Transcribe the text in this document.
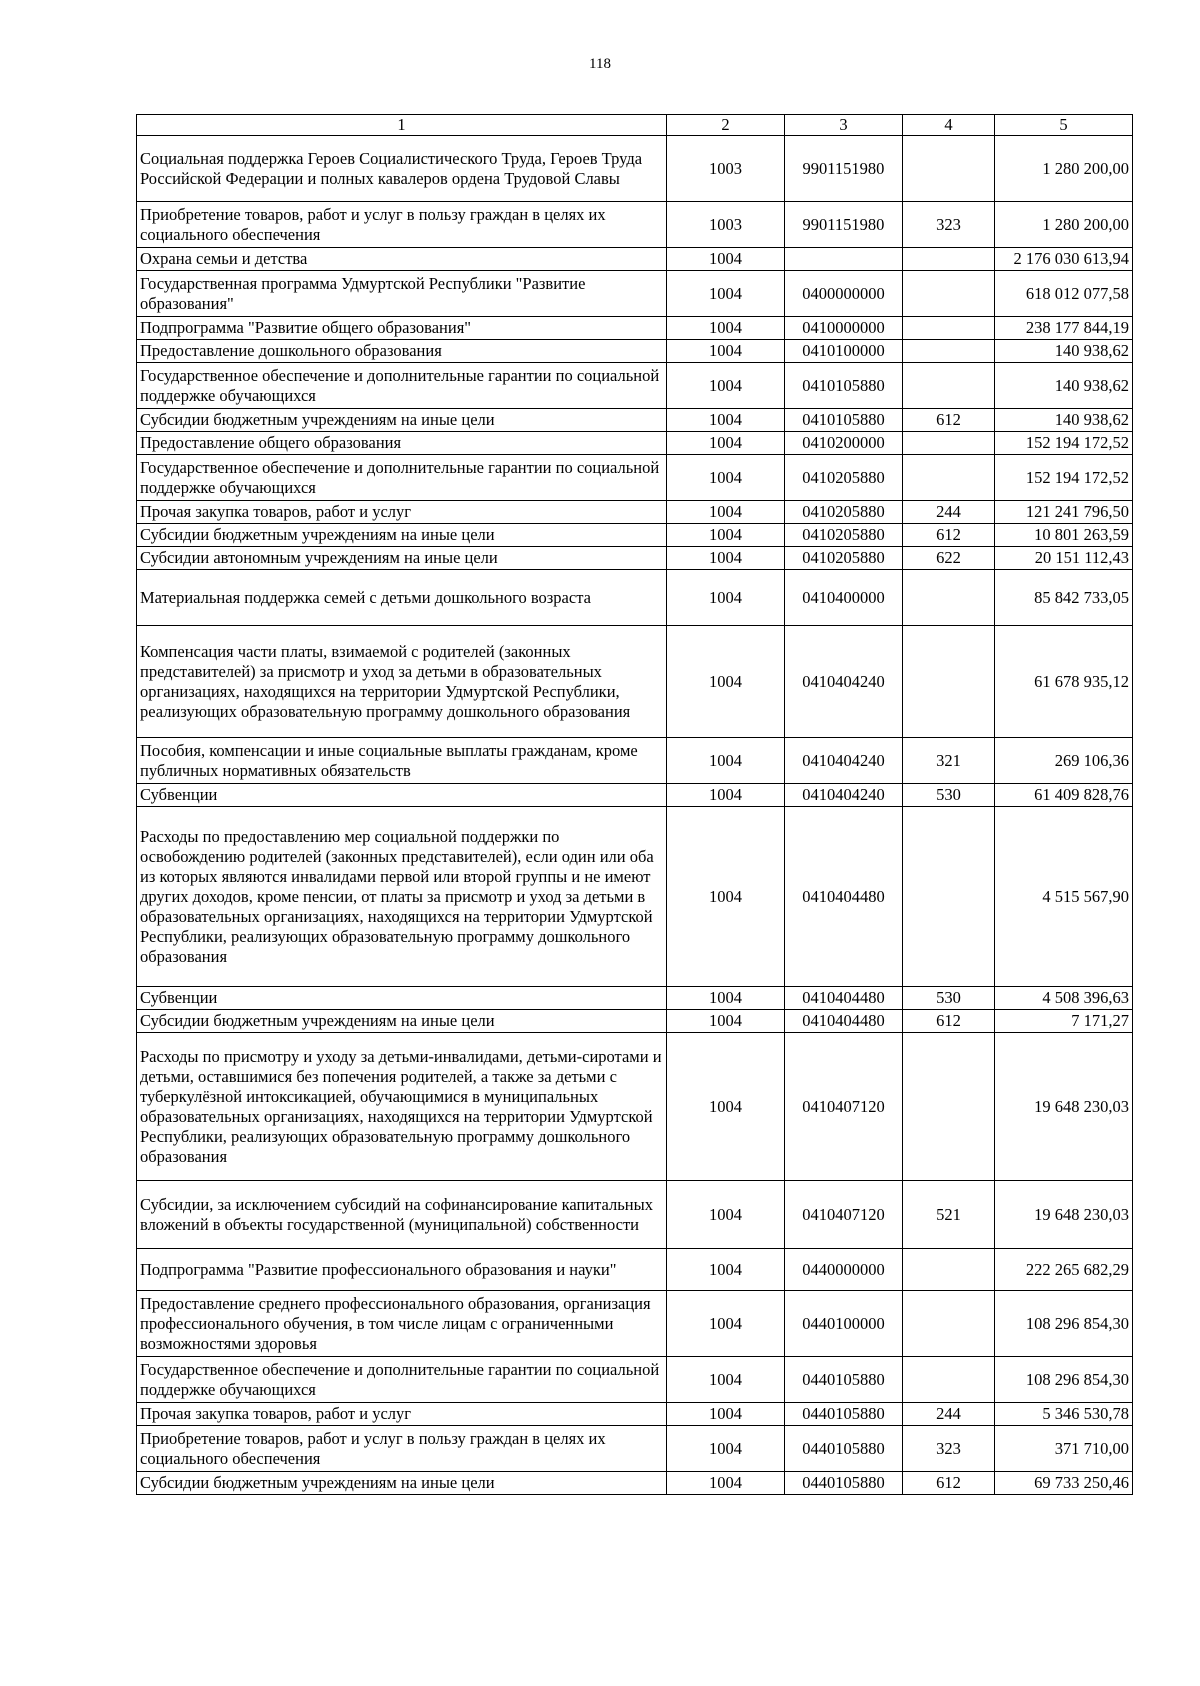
118
1	2	3	4	5
Социальная поддержка Героев Социалистического Труда, Героев Труда Российской Федерации и полных кавалеров ордена Трудовой Славы	1003	9901151980		1 280 200,00
Приобретение товаров, работ и услуг в пользу граждан в целях их социального обеспечения	1003	9901151980	323	1 280 200,00
Охрана семьи и детства	1004			2 176 030 613,94
Государственная программа Удмуртской Республики "Развитие образования"	1004	0400000000		618 012 077,58
Подпрограмма "Развитие общего образования"	1004	0410000000		238 177 844,19
Предоставление дошкольного образования	1004	0410100000		140 938,62
Государственное обеспечение и дополнительные гарантии по социальной поддержке обучающихся	1004	0410105880		140 938,62
Субсидии бюджетным учреждениям на иные цели	1004	0410105880	612	140 938,62
Предоставление общего образования	1004	0410200000		152 194 172,52
Государственное обеспечение и дополнительные гарантии по социальной поддержке обучающихся	1004	0410205880		152 194 172,52
Прочая закупка товаров, работ и услуг	1004	0410205880	244	121 241 796,50
Субсидии бюджетным учреждениям на иные цели	1004	0410205880	612	10 801 263,59
Субсидии автономным учреждениям на иные цели	1004	0410205880	622	20 151 112,43
Материальная поддержка семей с детьми дошкольного возраста	1004	0410400000		85 842 733,05
Компенсация части платы, взимаемой с родителей (законных представителей) за присмотр и уход за детьми в образовательных организациях, находящихся на территории Удмуртской Республики, реализующих образовательную программу дошкольного образования	1004	0410404240		61 678 935,12
Пособия, компенсации и иные социальные выплаты гражданам, кроме публичных нормативных обязательств	1004	0410404240	321	269 106,36
Субвенции	1004	0410404240	530	61 409 828,76
Расходы по предоставлению мер социальной поддержки по освобождению родителей (законных представителей), если один или оба из которых являются инвалидами первой или второй группы и не имеют других доходов, кроме пенсии, от платы за присмотр и уход за детьми в образовательных организациях, находящихся на территории Удмуртской Республики, реализующих образовательную программу дошкольного образования	1004	0410404480		4 515 567,90
Субвенции	1004	0410404480	530	4 508 396,63
Субсидии бюджетным учреждениям на иные цели	1004	0410404480	612	7 171,27
Расходы по присмотру и уходу за детьми-инвалидами, детьми-сиротами и детьми, оставшимися без попечения родителей, а также за детьми с туберкулёзной интоксикацией, обучающимися в муниципальных образовательных организациях, находящихся на территории Удмуртской Республики, реализующих образовательную программу дошкольного образования	1004	0410407120		19 648 230,03
Субсидии, за исключением субсидий на софинансирование капитальных вложений в объекты государственной (муниципальной) собственности	1004	0410407120	521	19 648 230,03
Подпрограмма "Развитие профессионального образования и науки"	1004	0440000000		222 265 682,29
Предоставление среднего профессионального образования, организация профессионального обучения, в том числе лицам с ограниченными возможностями здоровья	1004	0440100000		108 296 854,30
Государственное обеспечение и дополнительные гарантии по социальной поддержке обучающихся	1004	0440105880		108 296 854,30
Прочая закупка товаров, работ и услуг	1004	0440105880	244	5 346 530,78
Приобретение товаров, работ и услуг в пользу граждан в целях их социального обеспечения	1004	0440105880	323	371 710,00
Субсидии бюджетным учреждениям на иные цели	1004	0440105880	612	69 733 250,46
